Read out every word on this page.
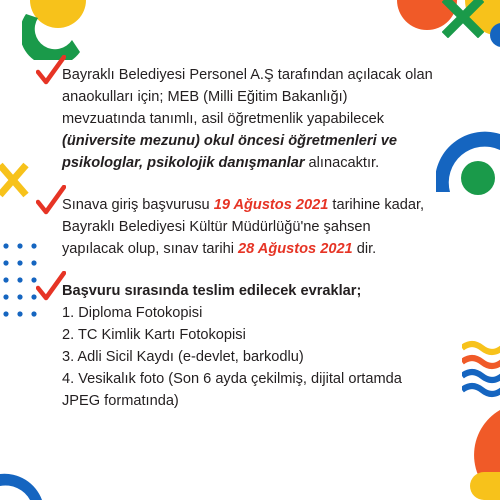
Bayraklı Belediyesi Personel A.Ş tarafından açılacak olan
anaokulları için; MEB (Milli Eğitim Bakanlığı)
mevzuatında tanımlı, asil öğretmenlik yapabilecek
(üniversite mezunu) okul öncesi öğretmenleri ve
psikologlar, psikolojik danışmanlar alınacaktır.
Sınava giriş başvurusu 19 Ağustos 2021 tarihine kadar,
Bayraklı Belediyesi Kültür Müdürlüğü'ne şahsen
yapılacak olup, sınav tarihi 28 Ağustos 2021 dir.
Başvuru sırasında teslim edilecek evraklar;
1. Diploma Fotokopisi
2. TC Kimlik Kartı Fotokopisi
3. Adli Sicil Kaydı (e-devlet, barkodlu)
4. Vesikalık foto (Son 6 ayda çekilmiş, dijital ortamda
JPEG formatında)
